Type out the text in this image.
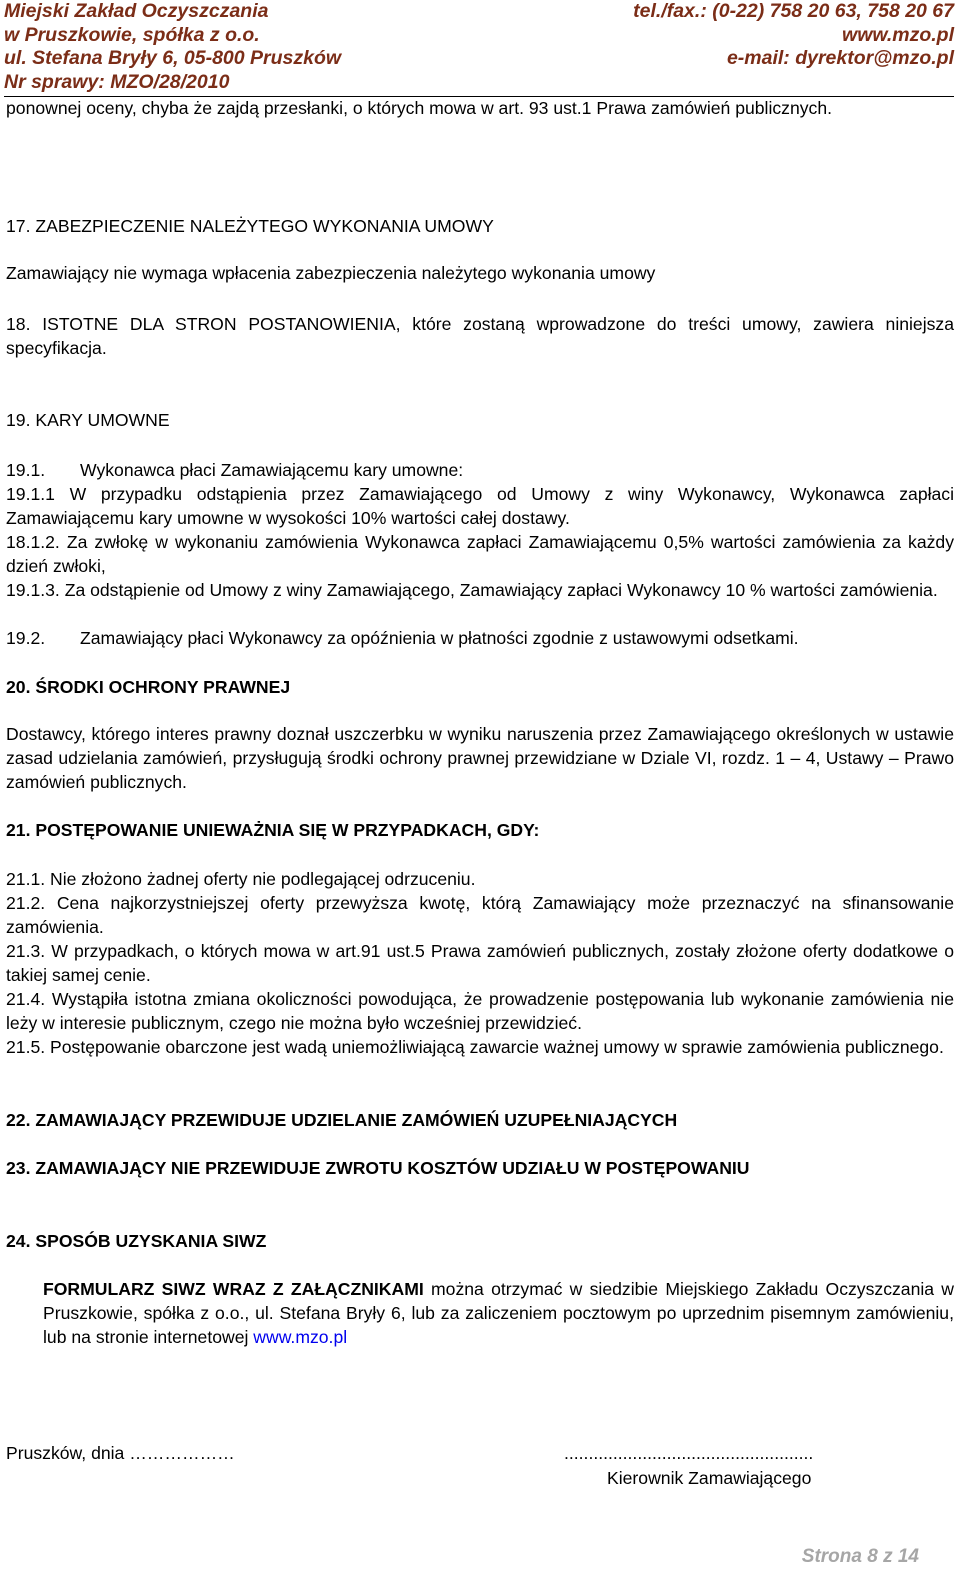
Miejski Zakład Oczyszczania	tel./fax.: (0-22) 758 20 63, 758 20 67
w Pruszkowie, spółka z o.o.	www.mzo.pl
ul. Stefana Bryły 6, 05-800 Pruszków	e-mail: dyrektor@mzo.pl
Nr sprawy: MZO/28/2010

ponownej oceny, chyba że zajdą przesłanki, o których mowa w art. 93 ust.1 Prawa zamówień publicznych.

17. ZABEZPIECZENIE NALEŻYTEGO WYKONANIA UMOWY

Zamawiający nie wymaga wpłacenia zabezpieczenia należytego wykonania umowy

18. ISTOTNE DLA STRON POSTANOWIENIA, które zostaną wprowadzone do treści umowy, zawiera niniejsza specyfikacja.

19. KARY UMOWNE

19.1. Wykonawca płaci Zamawiającemu kary umowne:

19.1.1 W przypadku odstąpienia przez Zamawiającego od Umowy z winy Wykonawcy, Wykonawca zapłaci Zamawiającemu kary umowne w wysokości 10% wartości całej dostawy.

18.1.2. Za zwłokę w wykonaniu zamówienia Wykonawca zapłaci Zamawiającemu 0,5% wartości zamówienia za każdy dzień zwłoki,

19.1.3. Za odstąpienie od Umowy z winy Zamawiającego, Zamawiający zapłaci Wykonawcy 10 % wartości zamówienia.

19.2. Zamawiający płaci Wykonawcy za opóźnienia w płatności zgodnie z ustawowymi odsetkami.

20. ŚRODKI OCHRONY PRAWNEJ

Dostawcy, którego interes prawny doznał uszczerbku w wyniku naruszenia przez Zamawiającego określonych w ustawie zasad udzielania zamówień, przysługują środki ochrony prawnej przewidziane w Dziale VI, rozdz. 1 – 4, Ustawy – Prawo zamówień publicznych.

21. POSTĘPOWANIE UNIEWAŻNIA SIĘ W PRZYPADKACH, GDY:

21.1. Nie złożono żadnej oferty nie podlegającej odrzuceniu.

21.2. Cena najkorzystniejszej oferty przewyższa kwotę, którą Zamawiający może przeznaczyć na sfinansowanie zamówienia.

21.3. W przypadkach, o których mowa w art.91 ust.5 Prawa zamówień publicznych, zostały złożone oferty dodatkowe o takiej samej cenie.

21.4. Wystąpiła istotna zmiana okoliczności powodująca, że prowadzenie postępowania lub wykonanie zamówienia nie leży w interesie publicznym, czego nie można było wcześniej przewidzieć.

21.5. Postępowanie obarczone jest wadą uniemożliwiającą zawarcie ważnej umowy w sprawie zamówienia publicznego.

22. ZAMAWIAJĄCY PRZEWIDUJE UDZIELANIE ZAMÓWIEŃ UZUPEŁNIAJĄCYCH

23. ZAMAWIAJĄCY NIE PRZEWIDUJE ZWROTU KOSZTÓW UDZIAŁU W POSTĘPOWANIU

24. SPOSÓB UZYSKANIA SIWZ

FORMULARZ SIWZ WRAZ Z ZAŁĄCZNIKAMI można otrzymać w siedzibie Miejskiego Zakładu Oczyszczania w Pruszkowie, spółka z o.o., ul. Stefana Bryły 6, lub za zaliczeniem pocztowym po uprzednim pisemnym zamówieniu, lub na stronie internetowej www.mzo.pl

Pruszków, dnia ………………	...................................................

Kierownik Zamawiającego

Strona 8 z 14
